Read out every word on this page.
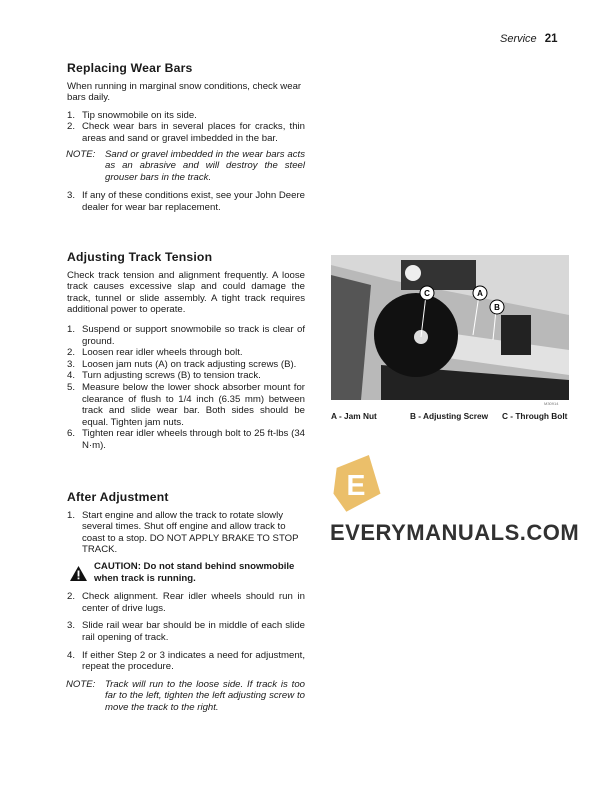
Service 21
Replacing Wear Bars

When running in marginal snow conditions, check wear bars daily.

1. Tip snowmobile on its side.
2. Check wear bars in several places for cracks, thin areas and sand or gravel imbedded in the bar.
NOTE:	Sand or gravel imbedded in the wear bars acts as an abrasive and will destroy the steel grouser bars in the track.
3. If any of these conditions exist, see your John Deere dealer for wear bar replacement.
Adjusting Track Tension

Check track tension and alignment frequently. A loose track causes excessive slap and could damage the track, tunnel or slide assembly. A tight track requires additional power to operate.

1. Suspend or support snowmobile so track is clear of ground.
2. Loosen rear idler wheels through bolt.
3. Loosen jam nuts (A) on track adjusting screws (B).
4. Turn adjusting screws (B) to tension track.
5. Measure below the lower shock absorber mount for clearance of flush to 1/4 inch (6.35 mm) between track and slide wear bar. Both sides should be equal. Tighten jam nuts.
6. Tighten rear idler wheels through bolt to 25 ft-lbs (34 N·m).
C	A
B
M30914
A - Jam Nut	B - Adjusting Screw C - Through Bolt
After Adjustment
1. Start engine and allow the track to rotate slowly several times. Shut off engine and allow track to coast to a stop. DO NOT APPLY BRAKE TO STOP TRACK.
CAUTION: Do not stand behind snowmobile when track is running.
2. Check alignment. Rear idler wheels should run in center of drive lugs.
3. Slide rail wear bar should be in middle of each slide rail opening of track.
4. If either Step 2 or 3 indicates a need for adjustment, repeat the procedure.
NOTE:	Track will run to the loose side. If track is too far to the left, tighten the left adjusting screw to move the track to the right.
E
EVERYMANUALS.COM
